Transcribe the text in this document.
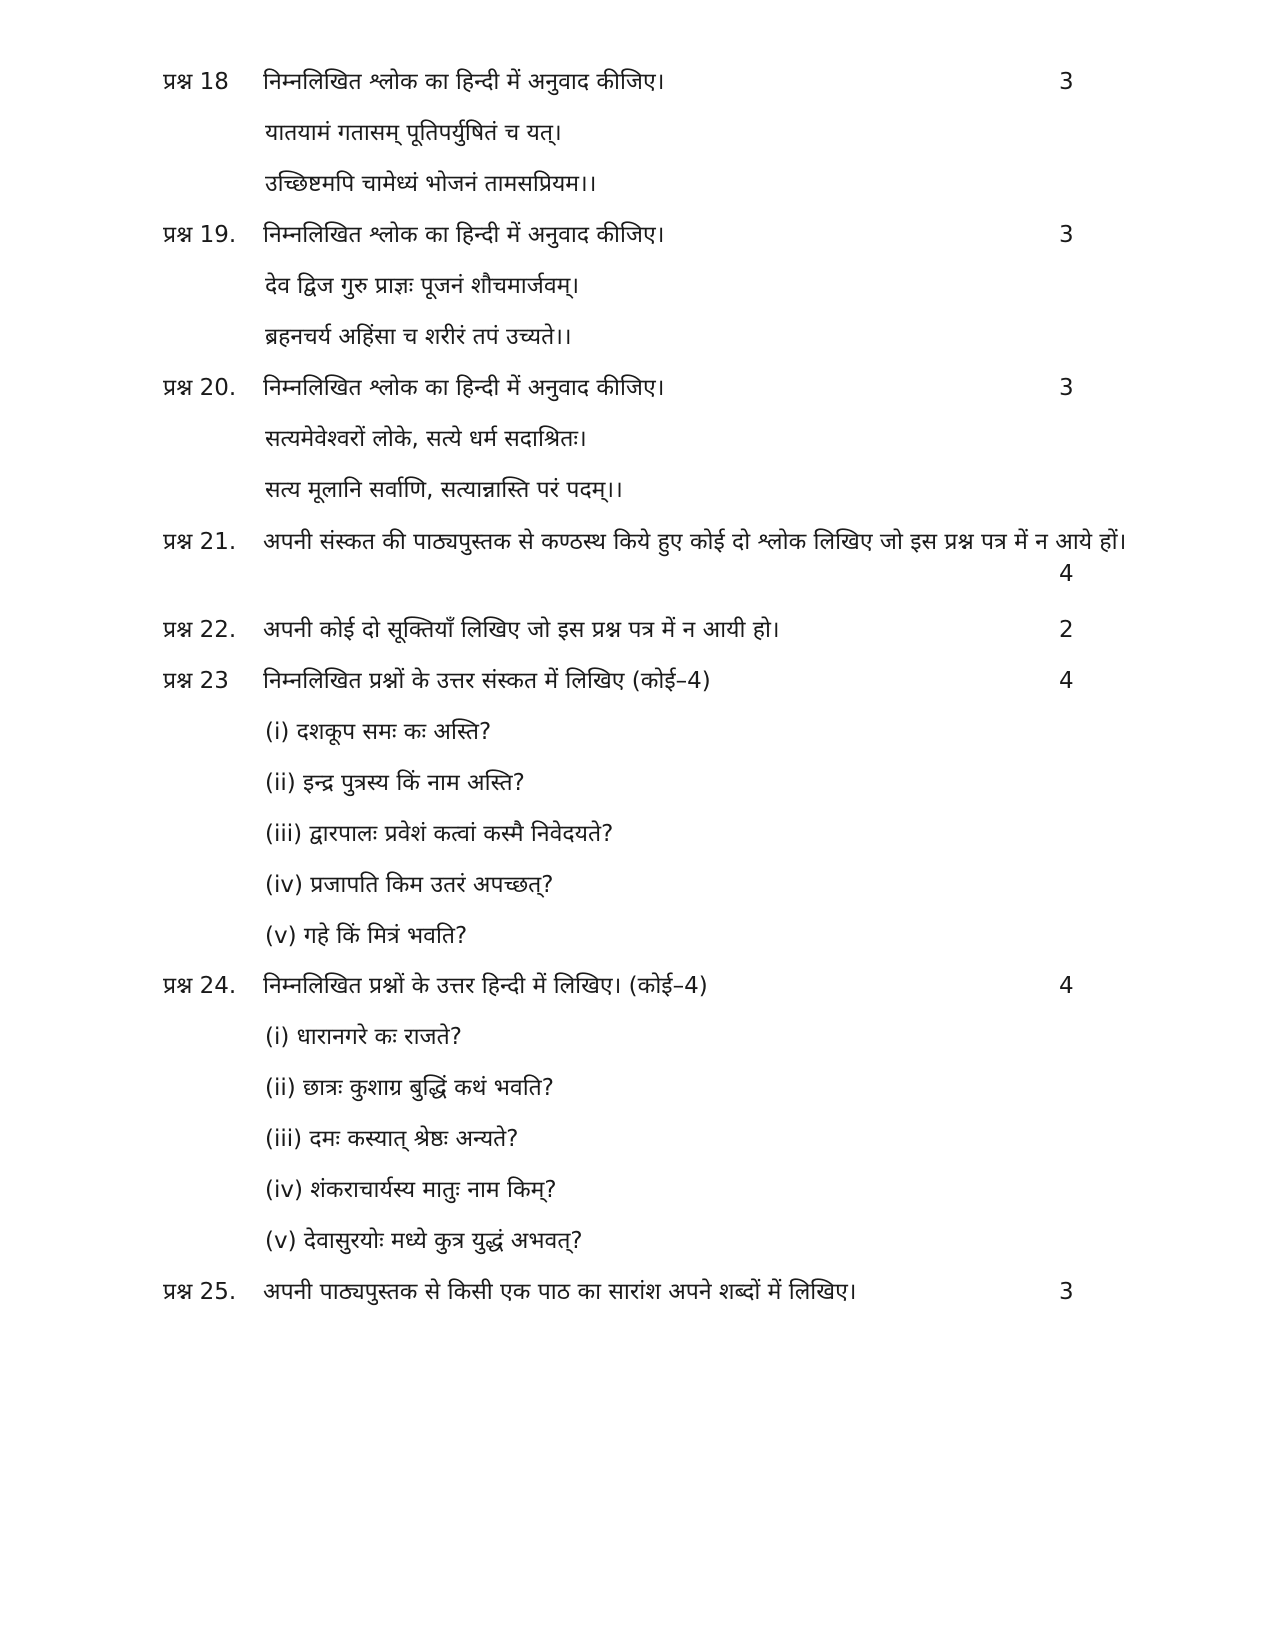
प्रश्न 18 निम्नलिखित श्लोक का हिन्दी में अनुवाद कीजिए।	3
यातयामं गतासम् पूतिपर्युषितं च यत्।
उच्छिष्टमपि चामेध्यं भोजनं तामसप्रियम।।
प्रश्न 19. निम्नलिखित श्लोक का हिन्दी में अनुवाद कीजिए।	3
देव द्विज गुरु प्राज्ञः पूजनं शौचमार्जवम्।
ब्रहनचर्य अहिंसा च शरीरं तपं उच्यते।।
प्रश्न 20. निम्नलिखित श्लोक का हिन्दी में अनुवाद कीजिए।	3
सत्यमेवेश्वरों लोके, सत्ये धर्म सदाश्रितः।
सत्य मूलानि सर्वाणि, सत्यान्नास्ति परं पदम्।।
प्रश्न 21. अपनी संस्कत की पाठ्यपुस्तक से कण्ठस्थ किये हुए कोई दो श्लोक लिखिए जो इस प्रश्न पत्र में न आये हों।
4
प्रश्न 22. अपनी कोई दो सूक्तियाँ लिखिए जो इस प्रश्न पत्र में न आयी हो।	2
प्रश्न 23 निम्नलिखित प्रश्नों के उत्तर संस्कत में लिखिए (कोई–4)	4
(i) दशकूप समः कः अस्ति?
(ii) इन्द्र पुत्रस्य किं नाम अस्ति?
(iii) द्वारपालः प्रवेशं कत्वां कस्मै निवेदयते?
(iv) प्रजापति किम उतरं अपच्छत्?
(v) गहे किं मित्रं भवति?
प्रश्न 24. निम्नलिखित प्रश्नों के उत्तर हिन्दी में लिखिए। (कोई–4)	4
(i) धारानगरे कः राजते?
(ii) छात्रः कुशाग्र बुद्धिं कथं भवति?
(iii) दमः कस्यात् श्रेष्ठः अन्यते?
(iv) शंकराचार्यस्य मातुः नाम किम्?
(v) देवासुरयोः मध्ये कुत्र युद्धं अभवत्?
प्रश्न 25. अपनी पाठ्यपुस्तक से किसी एक पाठ का सारांश अपने शब्दों में लिखिए।	3
